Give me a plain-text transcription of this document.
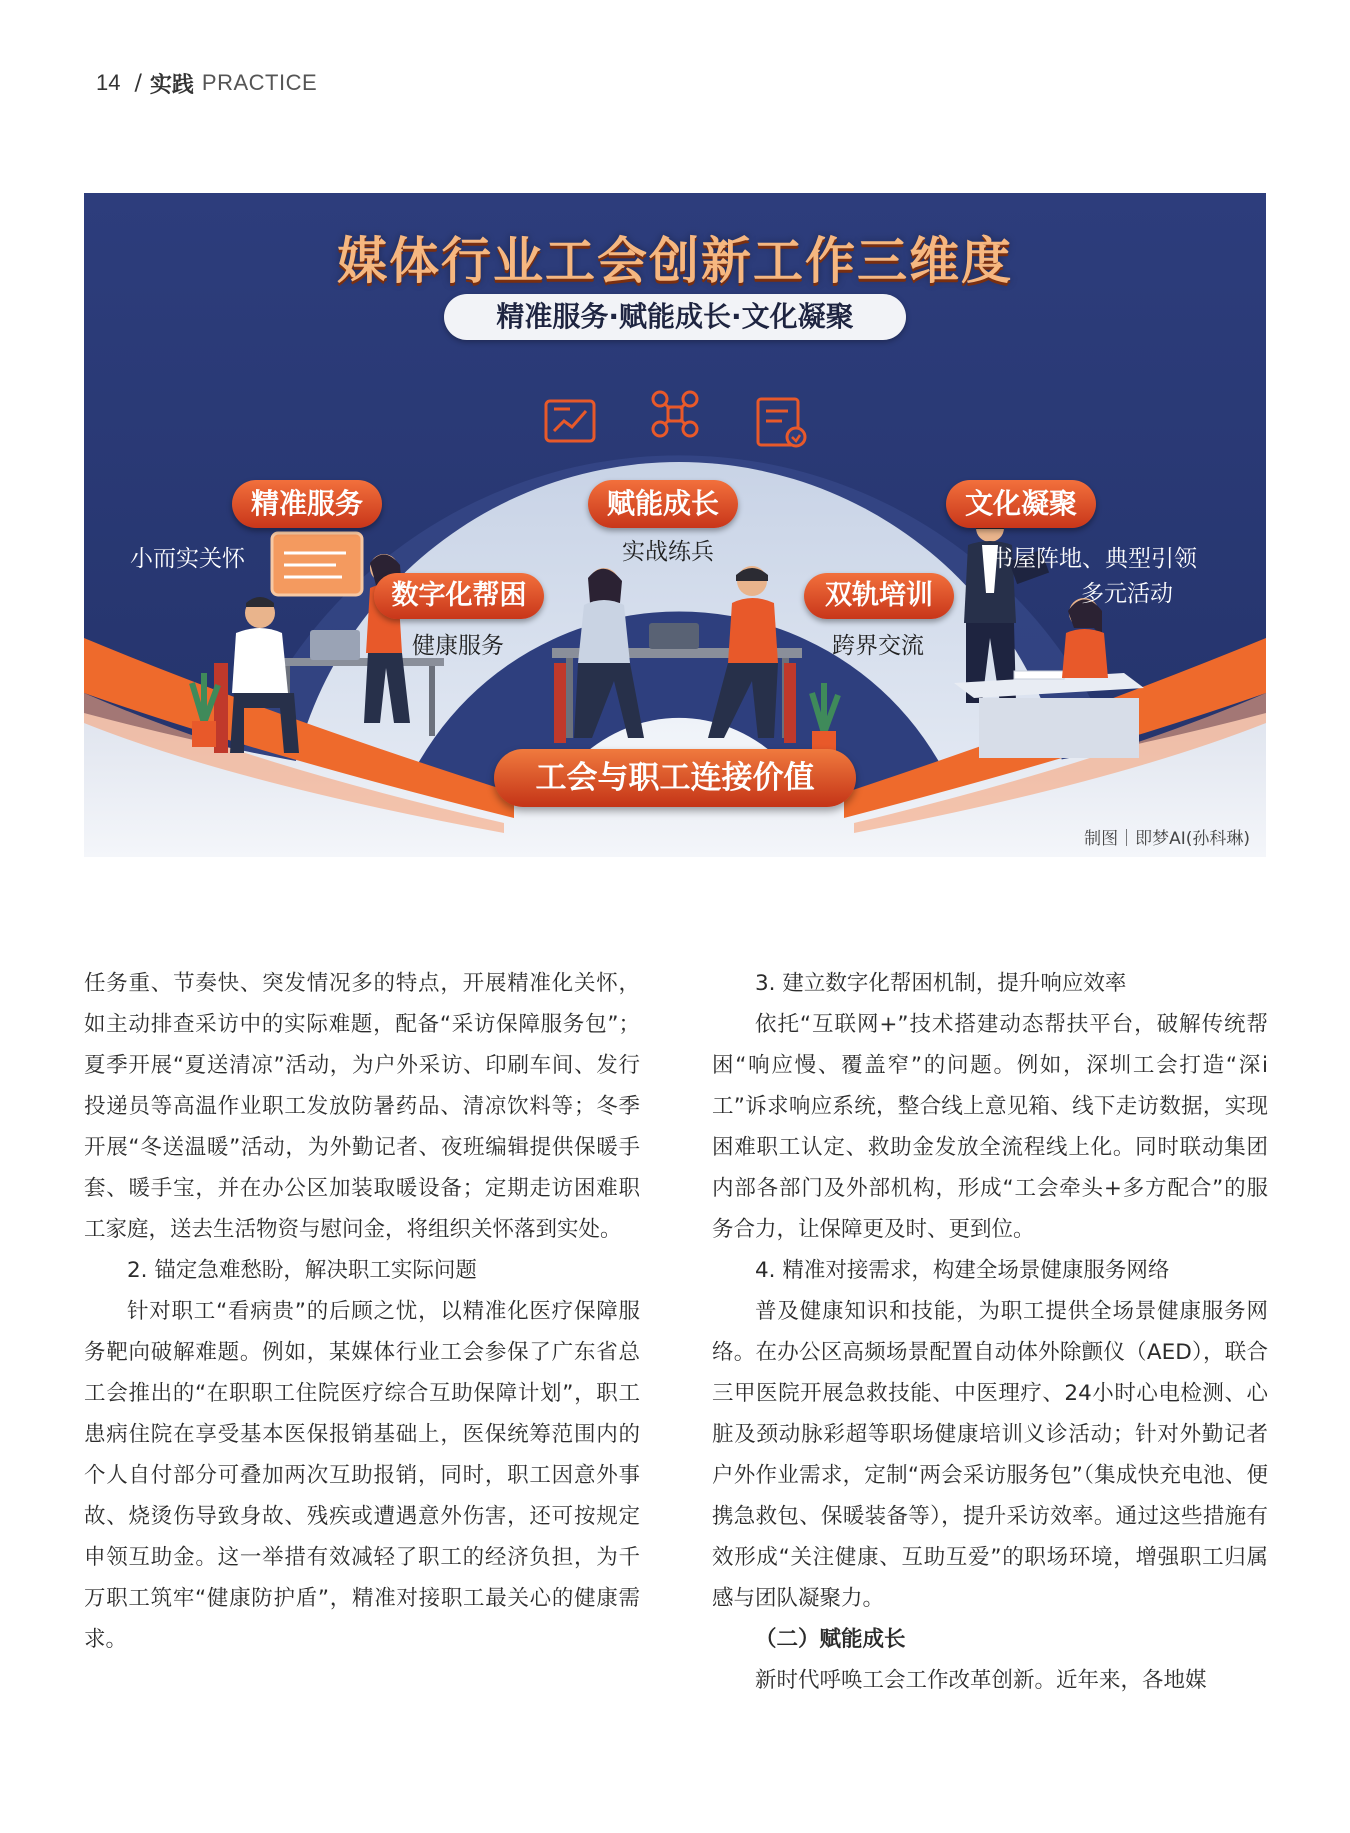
14 / 实践 PRACTICE
媒体行业工会创新工作三维度
精准服务·赋能成长·文化凝聚
精准服务	赋能成长	文化凝聚
数字化帮困	双轨培训
小而实关怀	实战练兵	书屋阵地、典型引领
多元活动
健康服务	跨界交流
工会与职工连接价值
制图｜即梦AI(孙科琳)

任务重、节奏快、突发情况多的特点，开展精准化关怀，如主动排查采访中的实际难题，配备“采访保障服务包”；夏季开展“夏送清凉”活动，为户外采访、印刷车间、发行投递员等高温作业职工发放防暑药品、清凉饮料等；冬季开展“冬送温暖”活动，为外勤记者、夜班编辑提供保暖手套、暖手宝，并在办公区加装取暖设备；定期走访困难职工家庭，送去生活物资与慰问金，将组织关怀落到实处。

2. 锚定急难愁盼，解决职工实际问题

针对职工“看病贵”的后顾之忧，以精准化医疗保障服务靶向破解难题。例如，某媒体行业工会参保了广东省总工会推出的“在职职工住院医疗综合互助保障计划”，职工患病住院在享受基本医保报销基础上，医保统筹范围内的个人自付部分可叠加两次互助报销，同时，职工因意外事故、烧烫伤导致身故、残疾或遭遇意外伤害，还可按规定申领互助金。这一举措有效减轻了职工的经济负担，为千万职工筑牢“健康防护盾”，精准对接职工最关心的健康需求。

3. 建立数字化帮困机制，提升响应效率

依托“互联网+”技术搭建动态帮扶平台，破解传统帮困“响应慢、覆盖窄”的问题。例如，深圳工会打造“深i工”诉求响应系统，整合线上意见箱、线下走访数据，实现困难职工认定、救助金发放全流程线上化。同时联动集团内部各部门及外部机构，形成“工会牵头+多方配合”的服务合力，让保障更及时、更到位。

4. 精准对接需求，构建全场景健康服务网络

普及健康知识和技能，为职工提供全场景健康服务网络。在办公区高频场景配置自动体外除颤仪（AED），联合三甲医院开展急救技能、中医理疗、24小时心电检测、心脏及颈动脉彩超等职场健康培训义诊活动；针对外勤记者户外作业需求，定制“两会采访服务包”（集成快充电池、便携急救包、保暖装备等），提升采访效率。通过这些措施有效形成“关注健康、互助互爱”的职场环境，增强职工归属感与团队凝聚力。

（二）赋能成长

新时代呼唤工会工作改革创新。近年来，各地媒
